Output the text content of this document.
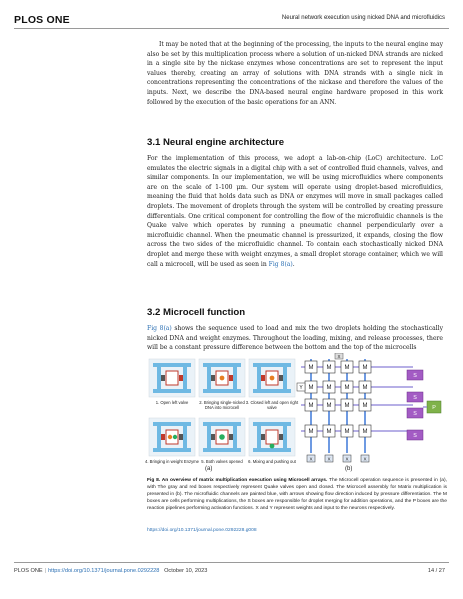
PLOS ONE	Neural network execution using nicked DNA and microfluidics
It may be noted that at the beginning of the processing, the inputs to the neural engine may also be set by this multiplication process where a solution of un-nicked DNA strands are nicked in a single site by the nickase enzymes whose concentrations are set to represent the input values thereby, creating an array of solutions with DNA strands with a single nick in concentrations representing the concentrations of the nickase and therefore the values of the inputs. Next, we describe the DNA-based neural engine hardware proposed in this work followed by the execution of the basic operations for an ANN.
3.1 Neural engine architecture
For the implementation of this process, we adopt a lab-on-chip (LoC) architecture. LoC emulates the electric signals in a digital chip with a set of controlled fluid channels, valves, and similar components. In our implementation, we will be using microfluidics where components are on the scale of 1-100 μm. Our system will operate using droplet-based microfluidics, meaning the fluid that holds data such as DNA or enzymes will move in small packages called droplets. The movement of droplets through the system will be controlled by creating pressure differentials. One critical component for controlling the flow of the microfluidic channels is the Quake valve which operates by running a pneumatic channel perpendicularly over a microfluidic channel. When the pneumatic channel is pressurized, it expands, closing the flow across the two sides of the microfluidic channel. To contain each stochastically nicked DNA droplet and merge these with weight enzymes, a small droplet storage container, which we will call a microcell, will be used as seen in Fig 8(a).
3.2 Microcell function
Fig 8(a) shows the sequence used to load and mix the two droplets holding the stochastically nicked DNA and weight enzymes. Throughout the loading, mixing, and release processes, there will be a constant pressure difference between the bottom and the top of the microcells
1. Open left valve	2. Bringing single-nicked DNA into microcell
3. Closed left and open right valve
4. Bringing in weight Enzyme 5. Both valves opened	6. Mixing and pushing out
M M M M
M M M M
M M M M
M M M M
X
Y
S
S
S
S
P
X	X	X	X
(a)	(b)
Fig 8. An overview of matrix multiplication execution using Microcell arrays. The Microcell operation sequence is presented in (a), with The gray and red boxes respectively represent Quake valves open and closed. The Microcell assembly for Matrix multiplication is presented in (b). The microfluidic channels are painted blue, with arrows showing flow direction induced by pressure differentiation. The M boxes are cells performing multiplications, the S boxes are responsible for droplet merging for addition operations, and the P boxes are the reaction pipelines performing activation functions. X and Y represent weights and input to the neurons respectively.
https://doi.org/10.1371/journal.pone.0292228.g008
PLOS ONE | https://doi.org/10.1371/journal.pone.0292228 October 10, 2023	14 / 27
